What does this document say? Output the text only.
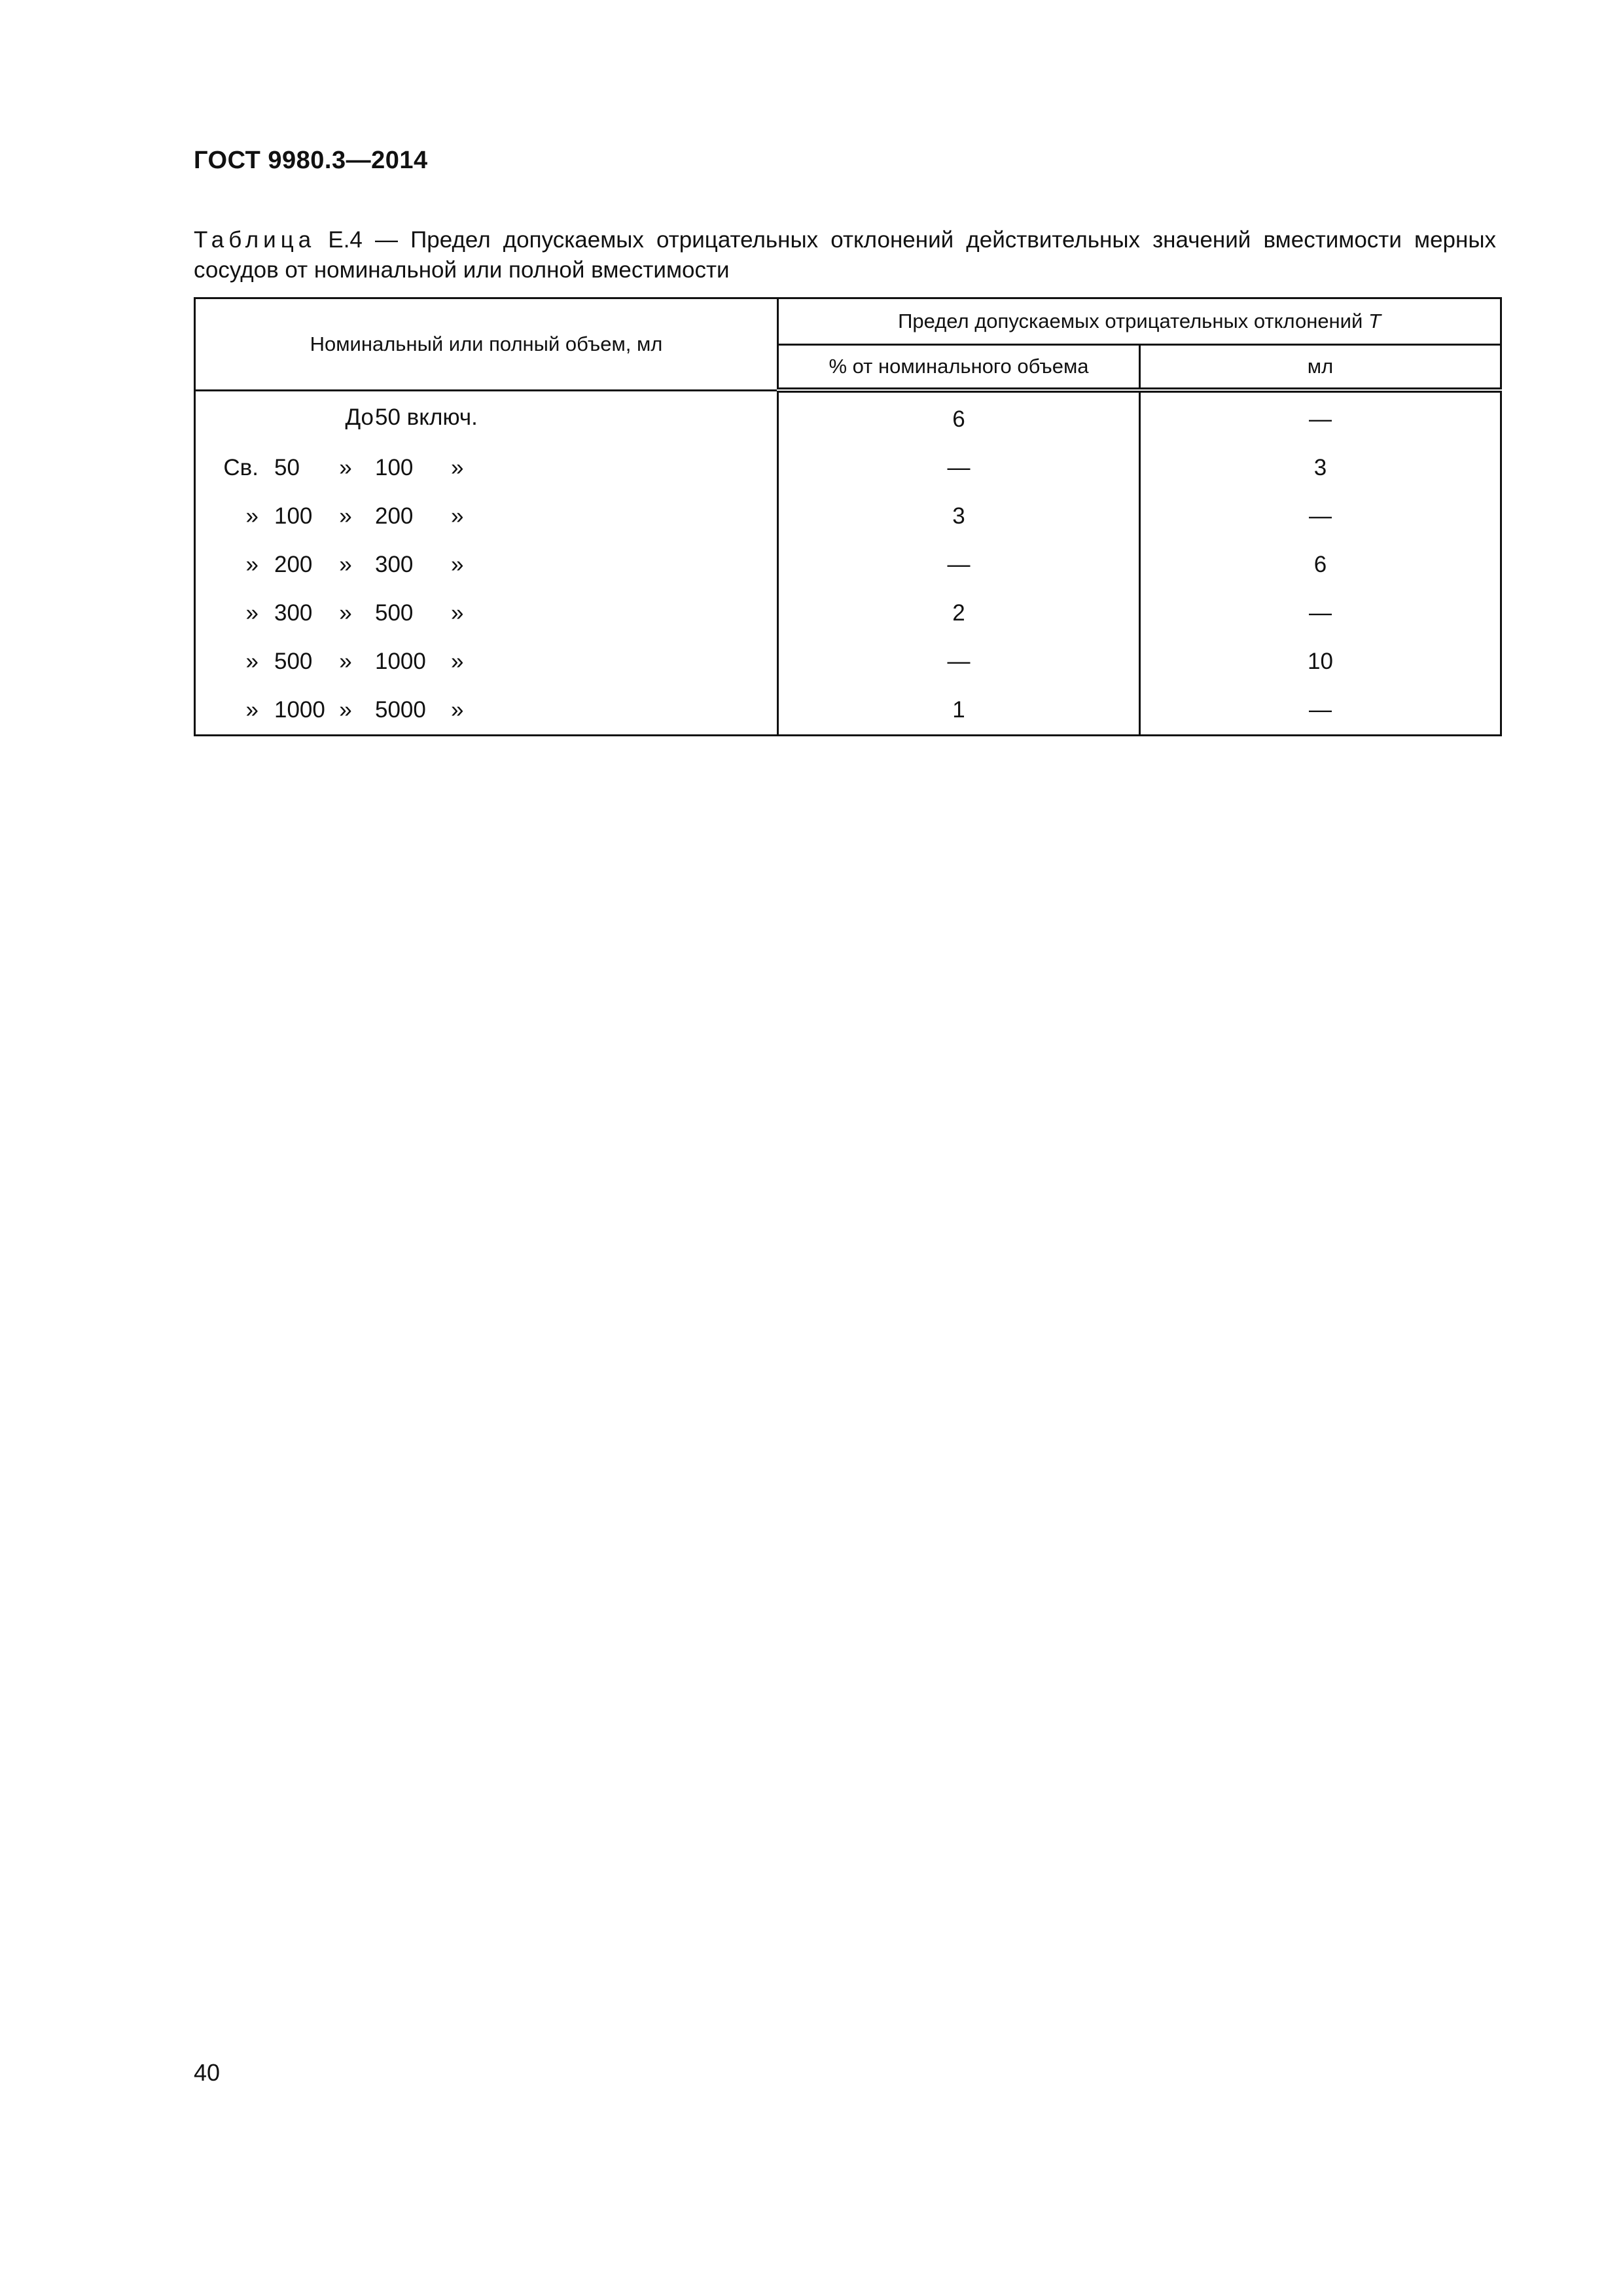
ГОСТ 9980.3—2014
Таблица Е.4 — Предел допускаемых отрицательных отклонений действительных значений вместимости мерных сосудов от номинальной или полной вместимости
Номинальный или полный объем, мл	Предел допускаемых отрицательных отклонений T	
	% от номинального объема	мл

До 50 включ.	6	—

Св. 50 » 100 »	—	3

» 100 » 200 »	3	—

» 200 » 300 »	—	6

» 300 » 500 »	2	—

» 500 » 1000 »	—	10

» 1000 » 5000 »	1	—
40
